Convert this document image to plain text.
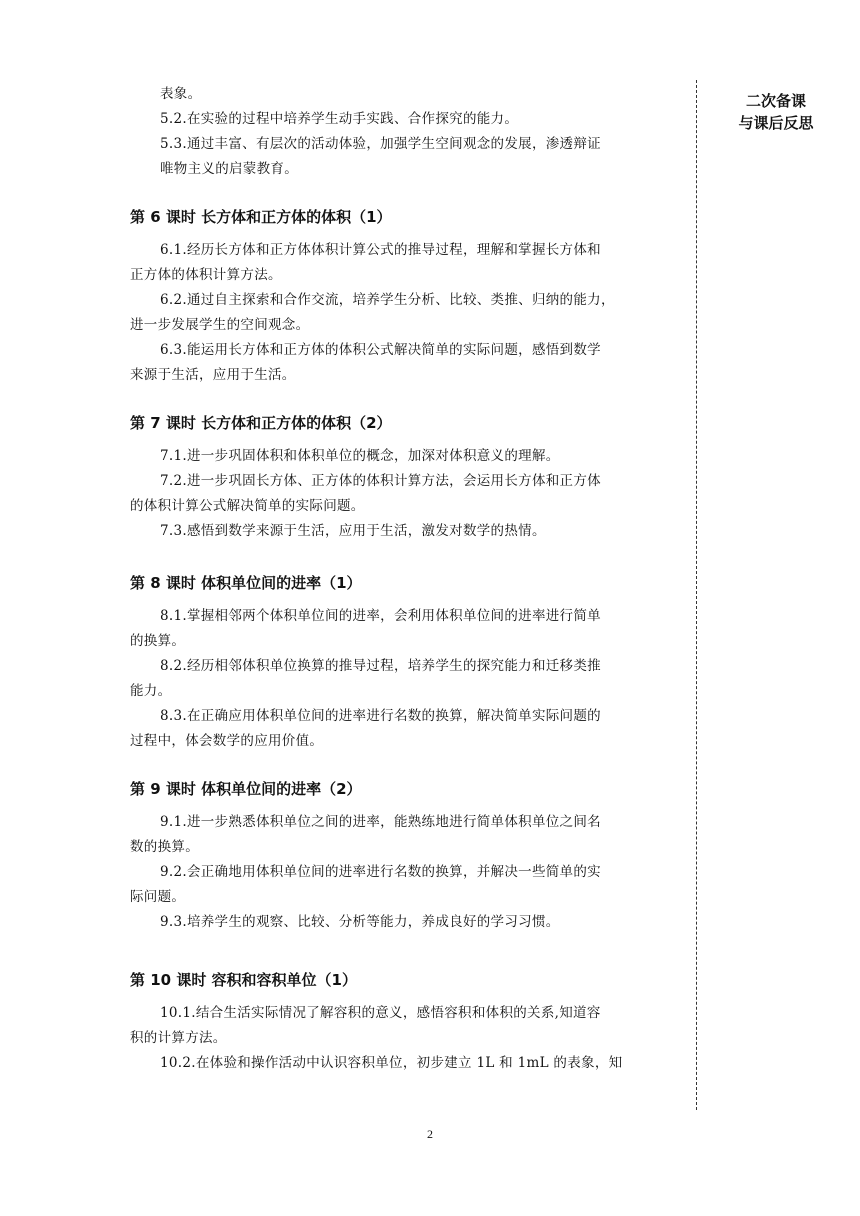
表象。
5.2.在实验的过程中培养学生动手实践、合作探究的能力。
5.3.通过丰富、有层次的活动体验，加强学生空间观念的发展，渗透辩证
唯物主义的启蒙教育。
第 6 课时 长方体和正方体的体积（1）
6.1.经历长方体和正方体体积计算公式的推导过程，理解和掌握长方体和
正方体的体积计算方法。
6.2.通过自主探索和合作交流，培养学生分析、比较、类推、归纳的能力，
进一步发展学生的空间观念。
6.3.能运用长方体和正方体的体积公式解决简单的实际问题，感悟到数学
来源于生活，应用于生活。
第 7 课时 长方体和正方体的体积（2）
7.1.进一步巩固体积和体积单位的概念，加深对体积意义的理解。
7.2.进一步巩固长方体、正方体的体积计算方法，会运用长方体和正方体
的体积计算公式解决简单的实际问题。
7.3.感悟到数学来源于生活，应用于生活，激发对数学的热情。
第 8 课时 体积单位间的进率（1）
8.1.掌握相邻两个体积单位间的进率，会利用体积单位间的进率进行简单
的换算。
8.2.经历相邻体积单位换算的推导过程，培养学生的探究能力和迁移类推
能力。
8.3.在正确应用体积单位间的进率进行名数的换算，解决简单实际问题的
过程中，体会数学的应用价值。
第 9 课时 体积单位间的进率（2）
9.1.进一步熟悉体积单位之间的进率，能熟练地进行简单体积单位之间名
数的换算。
9.2.会正确地用体积单位间的进率进行名数的换算，并解决一些简单的实
际问题。
9.3.培养学生的观察、比较、分析等能力，养成良好的学习习惯。
第 10 课时 容积和容积单位（1）
10.1.结合生活实际情况了解容积的意义，感悟容积和体积的关系,知道容
积的计算方法。
10.2.在体验和操作活动中认识容积单位，初步建立 1L 和 1mL 的表象，知
二次备课
与课后反思
2
